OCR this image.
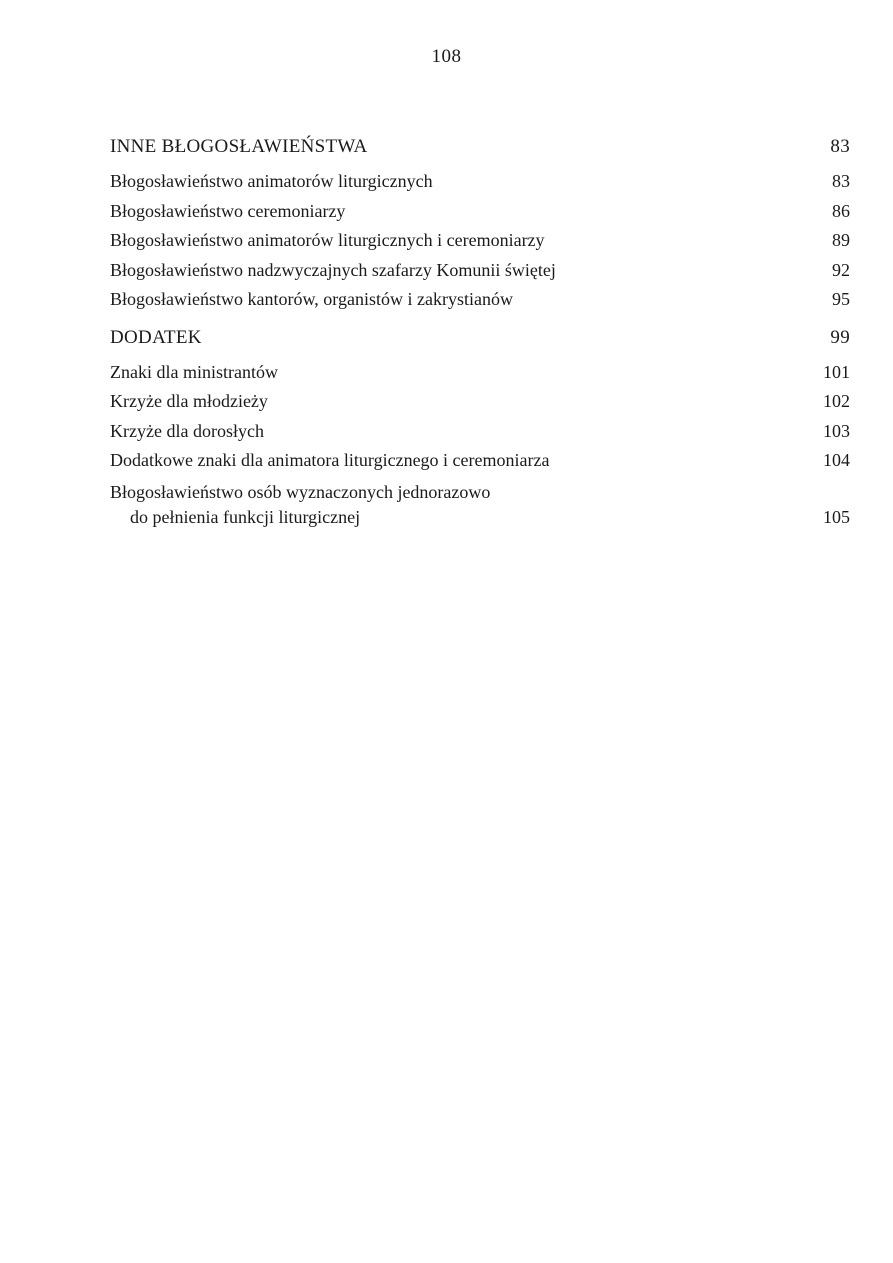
108
INNE BŁOGOSŁAWIEŃSTWA	83
Błogosławieństwo animatorów liturgicznych	83
Błogosławieństwo ceremoniarzy	86
Błogosławieństwo animatorów liturgicznych i ceremoniarzy	89
Błogosławieństwo nadzwyczajnych szafarzy Komunii świętej	92
Błogosławieństwo kantorów, organistów i zakrystianów	95
DODATEK	99
Znaki dla ministrantów	101
Krzyże dla młodzieży	102
Krzyże dla dorosłych	103
Dodatkowe znaki dla animatora liturgicznego i ceremoniarza	104
Błogosławieństwo osób wyznaczonych jednorazowo
do pełnienia funkcji liturgicznej	105
